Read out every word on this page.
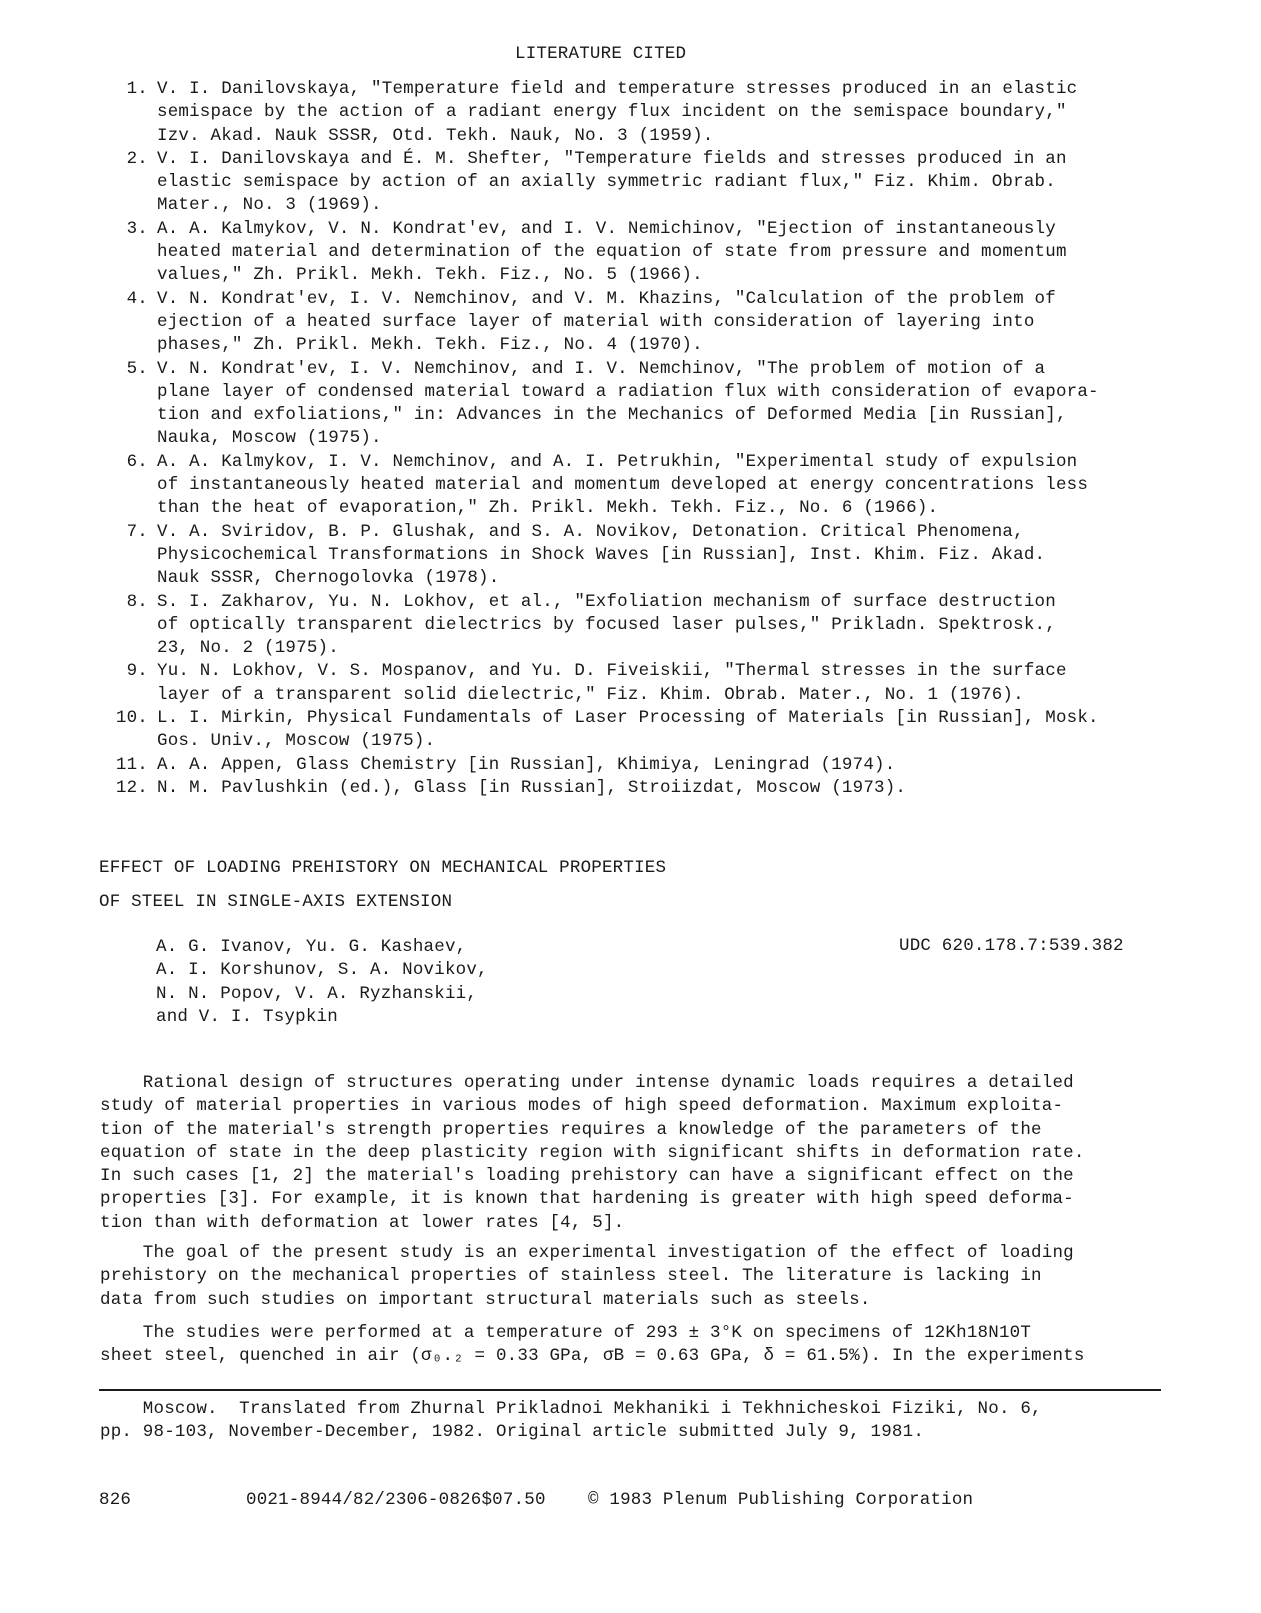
LITERATURE CITED
1. V. I. Danilovskaya, "Temperature field and temperature stresses produced in an elastic
semispace by the action of a radiant energy flux incident on the semispace boundary,"
Izv. Akad. Nauk SSSR, Otd. Tekh. Nauk, No. 3 (1959).
2. V. I. Danilovskaya and É. M. Shefter, "Temperature fields and stresses produced in an
elastic semispace by action of an axially symmetric radiant flux," Fiz. Khim. Obrab.
Mater., No. 3 (1969).
3. A. A. Kalmykov, V. N. Kondrat'ev, and I. V. Nemichinov, "Ejection of instantaneously
heated material and determination of the equation of state from pressure and momentum
values," Zh. Prikl. Mekh. Tekh. Fiz., No. 5 (1966).
4. V. N. Kondrat'ev, I. V. Nemchinov, and V. M. Khazins, "Calculation of the problem of
ejection of a heated surface layer of material with consideration of layering into
phases," Zh. Prikl. Mekh. Tekh. Fiz., No. 4 (1970).
5. V. N. Kondrat'ev, I. V. Nemchinov, and I. V. Nemchinov, "The problem of motion of a
plane layer of condensed material toward a radiation flux with consideration of evapora-
tion and exfoliations," in: Advances in the Mechanics of Deformed Media [in Russian],
Nauka, Moscow (1975).
6. A. A. Kalmykov, I. V. Nemchinov, and A. I. Petrukhin, "Experimental study of expulsion
of instantaneously heated material and momentum developed at energy concentrations less
than the heat of evaporation," Zh. Prikl. Mekh. Tekh. Fiz., No. 6 (1966).
7. V. A. Sviridov, B. P. Glushak, and S. A. Novikov, Detonation. Critical Phenomena,
Physicochemical Transformations in Shock Waves [in Russian], Inst. Khim. Fiz. Akad.
Nauk SSSR, Chernogolovka (1978).
8. S. I. Zakharov, Yu. N. Lokhov, et al., "Exfoliation mechanism of surface destruction
of optically transparent dielectrics by focused laser pulses," Prikladn. Spektrosk.,
23, No. 2 (1975).
9. Yu. N. Lokhov, V. S. Mospanov, and Yu. D. Fiveiskii, "Thermal stresses in the surface
layer of a transparent solid dielectric," Fiz. Khim. Obrab. Mater., No. 1 (1976).
10. L. I. Mirkin, Physical Fundamentals of Laser Processing of Materials [in Russian], Mosk.
Gos. Univ., Moscow (1975).
11. A. A. Appen, Glass Chemistry [in Russian], Khimiya, Leningrad (1974).
12. N. M. Pavlushkin (ed.), Glass [in Russian], Stroiizdat, Moscow (1973).
EFFECT OF LOADING PREHISTORY ON MECHANICAL PROPERTIES
OF STEEL IN SINGLE-AXIS EXTENSION
A. G. Ivanov, Yu. G. Kashaev,
A. I. Korshunov, S. A. Novikov,
N. N. Popov, V. A. Ryzhanskii,
and V. I. Tsypkin
UDC 620.178.7:539.382
Rational design of structures operating under intense dynamic loads requires a detailed
study of material properties in various modes of high speed deformation. Maximum exploita-
tion of the material's strength properties requires a knowledge of the parameters of the
equation of state in the deep plasticity region with significant shifts in deformation rate.
In such cases [1, 2] the material's loading prehistory can have a significant effect on the
properties [3]. For example, it is known that hardening is greater with high speed deforma-
tion than with deformation at lower rates [4, 5].
The goal of the present study is an experimental investigation of the effect of loading
prehistory on the mechanical properties of stainless steel. The literature is lacking in
data from such studies on important structural materials such as steels.
The studies were performed at a temperature of 293 ± 3°K on specimens of 12Kh18N10T
sheet steel, quenched in air (σ₀.₂ = 0.33 GPa, σB = 0.63 GPa, δ = 61.5%). In the experiments
Moscow.  Translated from Zhurnal Prikladnoi Mekhaniki i Tekhnicheskoi Fiziki, No. 6,
pp. 98-103, November-December, 1982. Original article submitted July 9, 1981.
826	0021-8944/82/2306-0826$07.50 © 1983 Plenum Publishing Corporation
